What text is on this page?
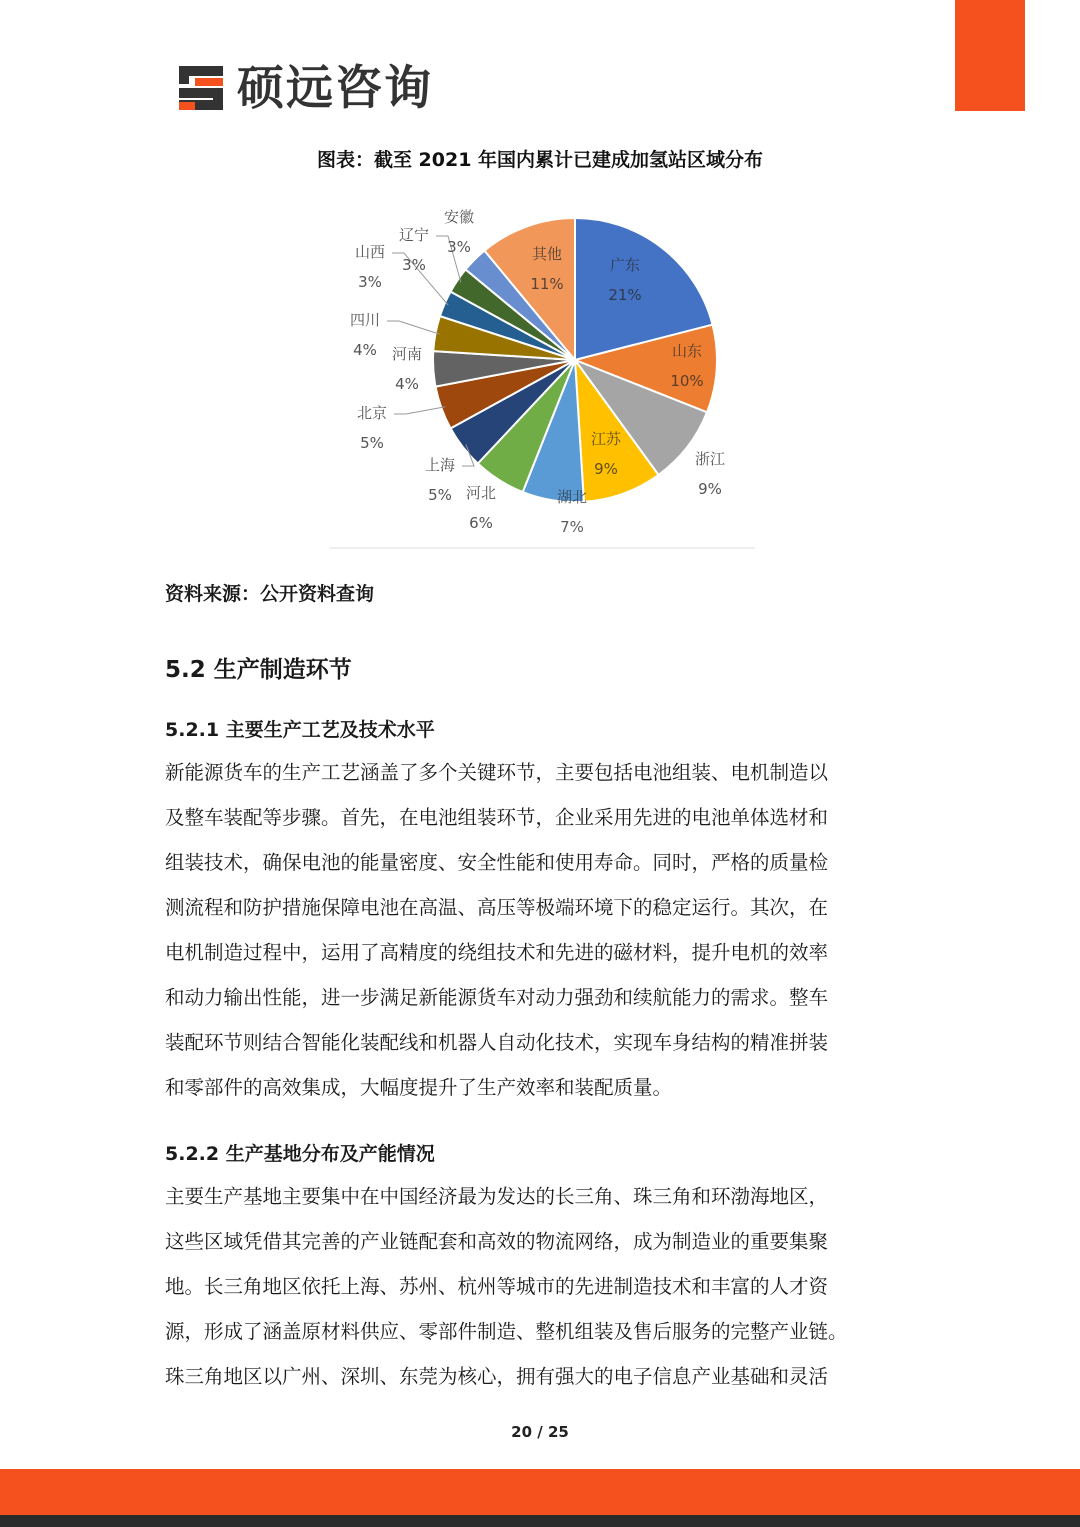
硕远咨询
图表：截至 2021 年国内累计已建成加氢站区域分布
广东
21%
山东
10%
浙江
9%
江苏
9%
湖北
7%
河北
6%
上海
5%
北京
5%
河南
4%
四川
4%
山西
3%
辽宁
3%
安徽
3%	其他
11%
资料来源：公开资料查询
5.2 生产制造环节
5.2.1 主要生产工艺及技术水平
新能源货车的生产工艺涵盖了多个关键环节，主要包括电池组装、电机制造以
及整车装配等步骤。首先，在电池组装环节，企业采用先进的电池单体选材和
组装技术，确保电池的能量密度、安全性能和使用寿命。同时，严格的质量检
测流程和防护措施保障电池在高温、高压等极端环境下的稳定运行。其次，在
电机制造过程中，运用了高精度的绕组技术和先进的磁材料，提升电机的效率
和动力输出性能，进一步满足新能源货车对动力强劲和续航能力的需求。整车
装配环节则结合智能化装配线和机器人自动化技术，实现车身结构的精准拼装
和零部件的高效集成，大幅度提升了生产效率和装配质量。
5.2.2 生产基地分布及产能情况
主要生产基地主要集中在中国经济最为发达的长三角、珠三角和环渤海地区，
这些区域凭借其完善的产业链配套和高效的物流网络，成为制造业的重要集聚
地。长三角地区依托上海、苏州、杭州等城市的先进制造技术和丰富的人才资
源，形成了涵盖原材料供应、零部件制造、整机组装及售后服务的完整产业链。
珠三角地区以广州、深圳、东莞为核心，拥有强大的电子信息产业基础和灵活
20 / 25
